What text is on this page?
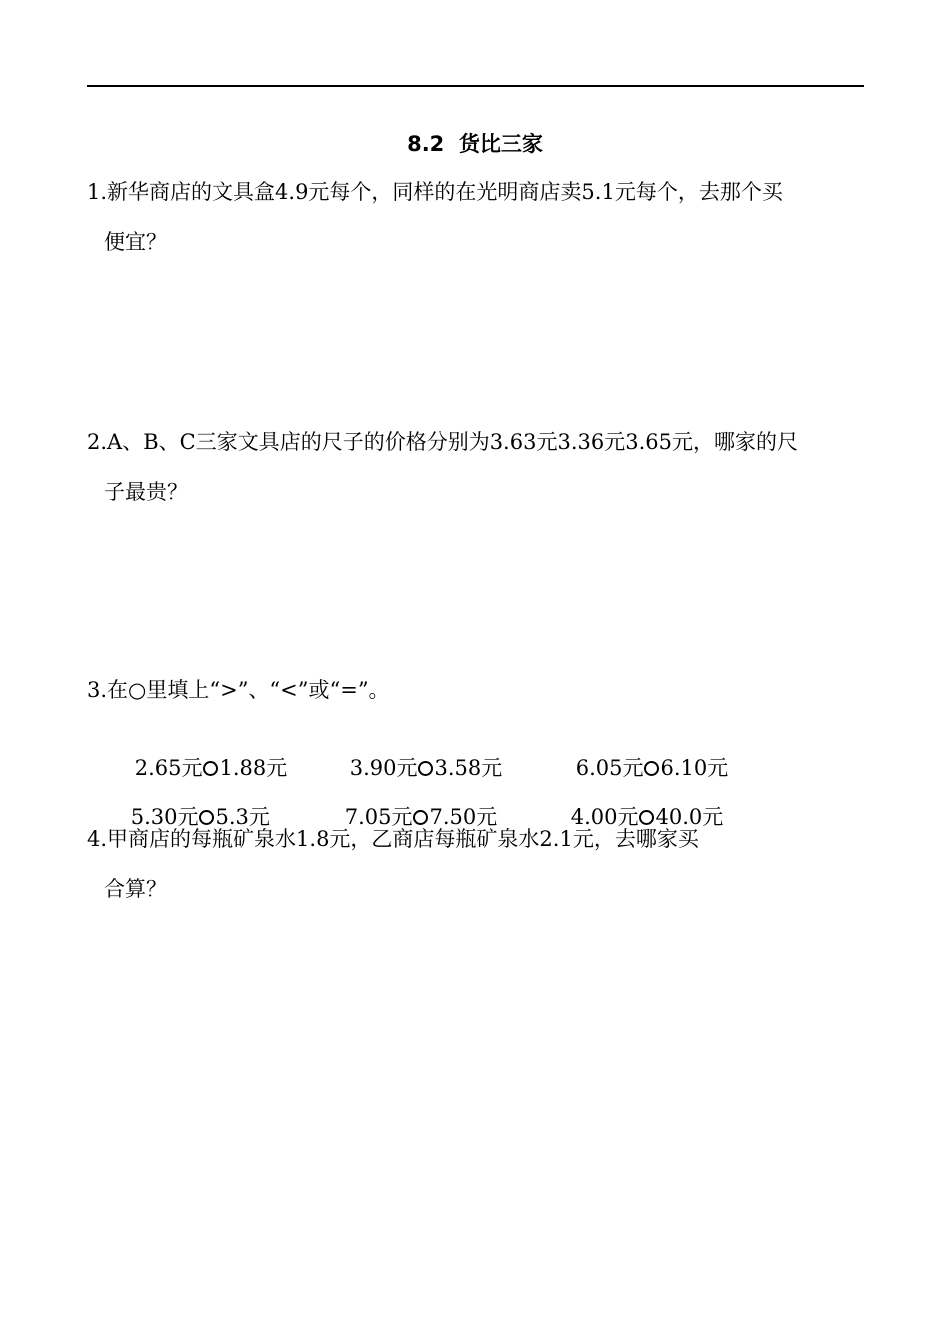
8.2  货比三家
1.新华商店的文具盒4.9元每个，同样的在光明商店卖5.1元每个，去那个买
便宜？
2.A、B、C三家文具店的尺子的价格分别为3.63元3.36元3.65元，哪家的尺
子最贵？
3.在○里填上“>”、“<”或“=”。

2.65元 1.88元
	3.90元 3.58元
	6.05元 6.10元

5.30元 5.3元
	7.05元 7.50元
	4.00元 40.0元

4.甲商店的每瓶矿泉水1.8元，乙商店每瓶矿泉水2.1元，去哪家买
合算？
